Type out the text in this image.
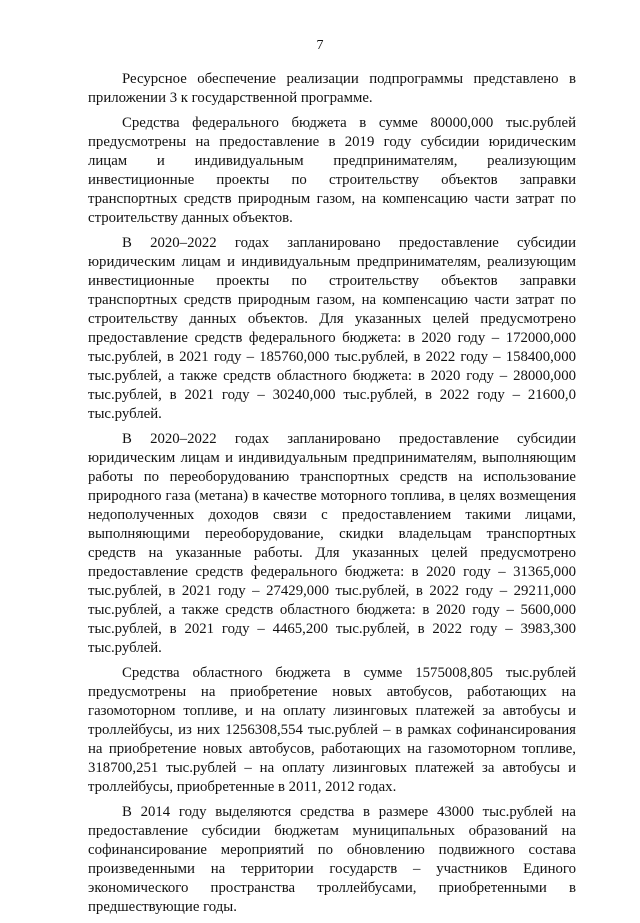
7

Ресурсное обеспечение реализации подпрограммы представлено в приложении 3 к государственной программе.

Средства федерального бюджета в сумме 80000,000 тыс.рублей предусмотрены на предоставление в 2019 году субсидии юридическим лицам и индивидуальным предпринимателям, реализующим инвестиционные проекты по строительству объектов заправки транспортных средств природным газом, на компенсацию части затрат по строительству данных объектов.

В 2020–2022 годах запланировано предоставление субсидии юридическим лицам и индивидуальным предпринимателям, реализующим инвестиционные проекты по строительству объектов заправки транспортных средств природным газом, на компенсацию части затрат по строительству данных объектов. Для указанных целей предусмотрено предоставление средств федерального бюджета: в 2020 году – 172000,000 тыс.рублей, в 2021 году – 185760,000 тыс.рублей, в 2022 году – 158400,000 тыс.рублей, а также средств областного бюджета: в 2020 году – 28000,000 тыс.рублей, в 2021 году – 30240,000 тыс.рублей, в 2022 году – 21600,0 тыс.рублей.

В 2020–2022 годах запланировано предоставление субсидии юридическим лицам и индивидуальным предпринимателям, выполняющим работы по переоборудованию транспортных средств на использование природного газа (метана) в качестве моторного топлива, в целях возмещения недополученных доходов связи с предоставлением такими лицами, выполняющими переоборудование, скидки владельцам транспортных средств на указанные работы. Для указанных целей предусмотрено предоставление средств федерального бюджета: в 2020 году – 31365,000 тыс.рублей, в 2021 году – 27429,000 тыс.рублей, в 2022 году – 29211,000 тыс.рублей, а также средств областного бюджета: в 2020 году – 5600,000 тыс.рублей, в 2021 году – 4465,200 тыс.рублей, в 2022 году – 3983,300 тыс.рублей.

Средства областного бюджета в сумме 1575008,805 тыс.рублей предусмотрены на приобретение новых автобусов, работающих на газомоторном топливе, и на оплату лизинговых платежей за автобусы и троллейбусы, из них 1256308,554 тыс.рублей – в рамках софинансирования на приобретение новых автобусов, работающих на газомоторном топливе, 318700,251 тыс.рублей – на оплату лизинговых платежей за автобусы и троллейбусы, приобретенные в 2011, 2012 годах.

В 2014 году выделяются средства в размере 43000 тыс.рублей на предоставление субсидии бюджетам муниципальных образований на софинансирование мероприятий по обновлению подвижного состава произведенными на территории государств – участников Единого экономического пространства троллейбусами, приобретенными в предшествующие годы.
